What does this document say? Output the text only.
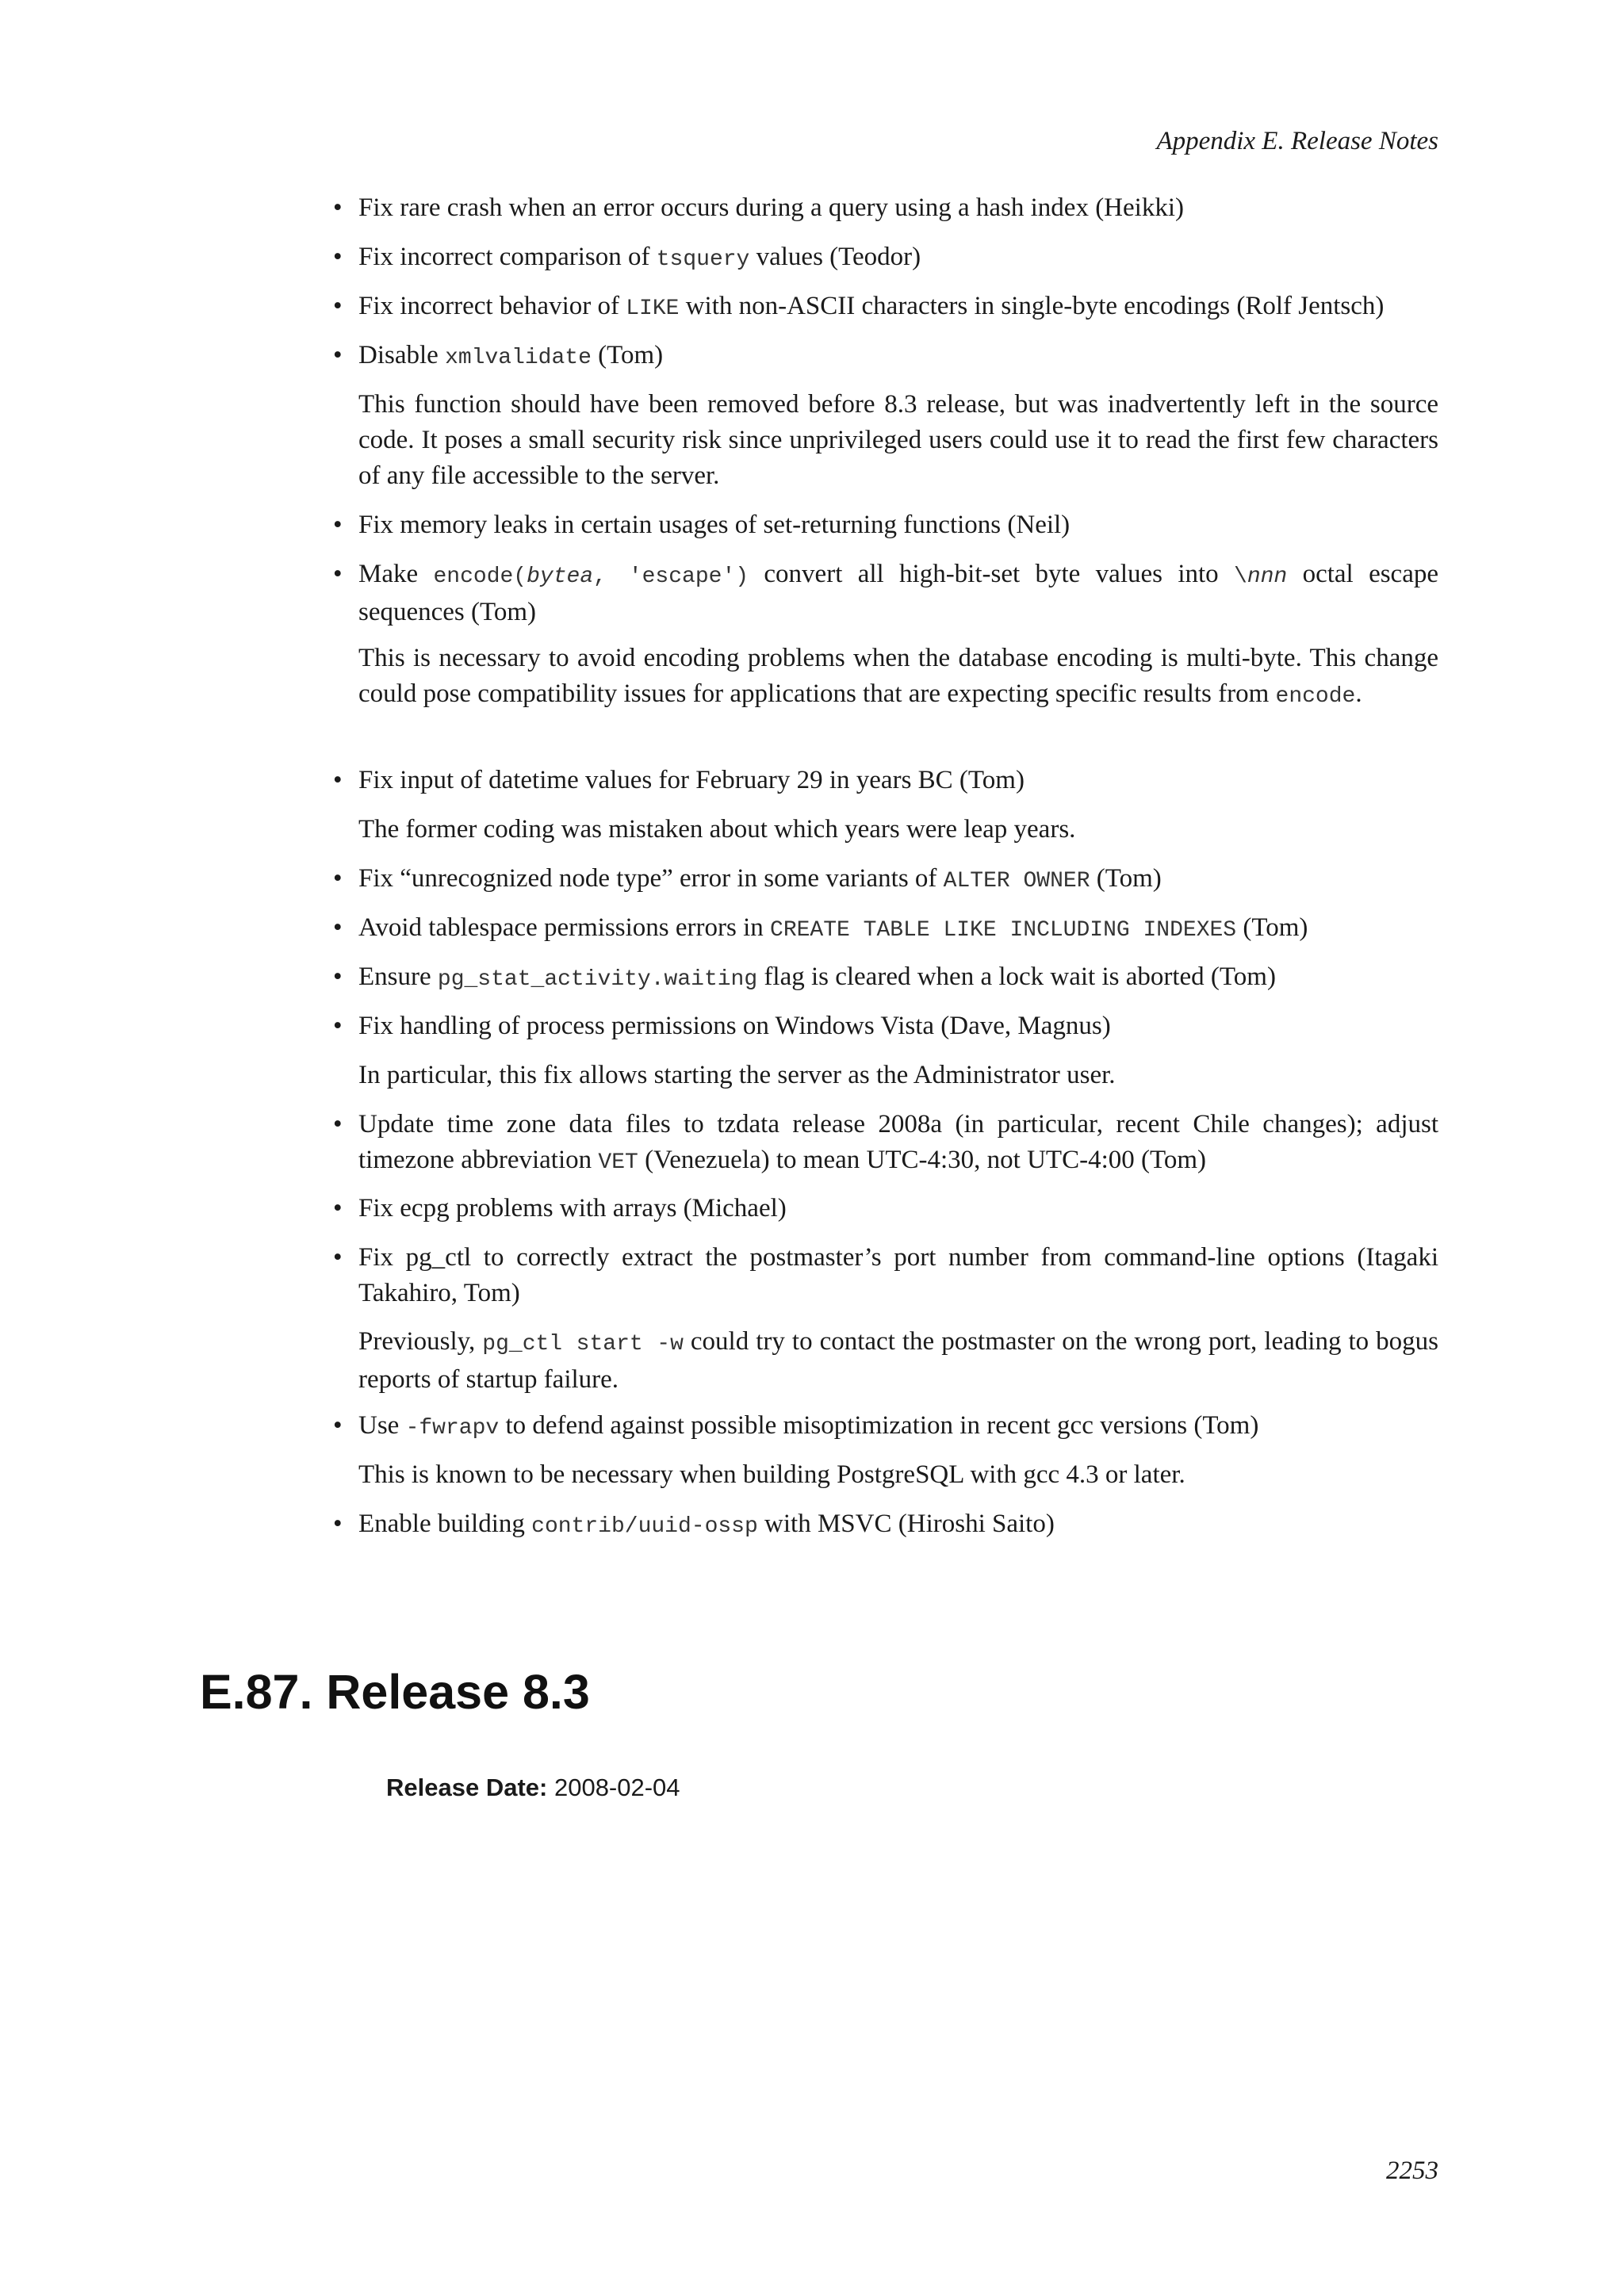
Appendix E. Release Notes
• Fix rare crash when an error occurs during a query using a hash index (Heikki)
• Fix incorrect comparison of tsquery values (Teodor)
• Fix incorrect behavior of LIKE with non-ASCII characters in single-byte encodings (Rolf Jentsch)
• Disable xmlvalidate (Tom)
This function should have been removed before 8.3 release, but was inadvertently left in the source code. It poses a small security risk since unprivileged users could use it to read the first few characters of any file accessible to the server.
• Fix memory leaks in certain usages of set-returning functions (Neil)
• Make encode(bytea, 'escape') convert all high-bit-set byte values into \nnn octal escape sequences (Tom)
This is necessary to avoid encoding problems when the database encoding is multi-byte. This change could pose compatibility issues for applications that are expecting specific results from encode.
• Fix input of datetime values for February 29 in years BC (Tom)
The former coding was mistaken about which years were leap years.
• Fix “unrecognized node type” error in some variants of ALTER OWNER (Tom)
• Avoid tablespace permissions errors in CREATE TABLE LIKE INCLUDING INDEXES (Tom)
• Ensure pg_stat_activity.waiting flag is cleared when a lock wait is aborted (Tom)
• Fix handling of process permissions on Windows Vista (Dave, Magnus)
In particular, this fix allows starting the server as the Administrator user.
• Update time zone data files to tzdata release 2008a (in particular, recent Chile changes); adjust timezone abbreviation VET (Venezuela) to mean UTC-4:30, not UTC-4:00 (Tom)
• Fix ecpg problems with arrays (Michael)
• Fix pg_ctl to correctly extract the postmaster’s port number from command-line options (Itagaki Takahiro, Tom)
Previously, pg_ctl start -w could try to contact the postmaster on the wrong port, leading to bogus reports of startup failure.
• Use -fwrapv to defend against possible misoptimization in recent gcc versions (Tom)
This is known to be necessary when building PostgreSQL with gcc 4.3 or later.
• Enable building contrib/uuid-ossp with MSVC (Hiroshi Saito)
E.87. Release 8.3
Release Date: 2008-02-04
2253
